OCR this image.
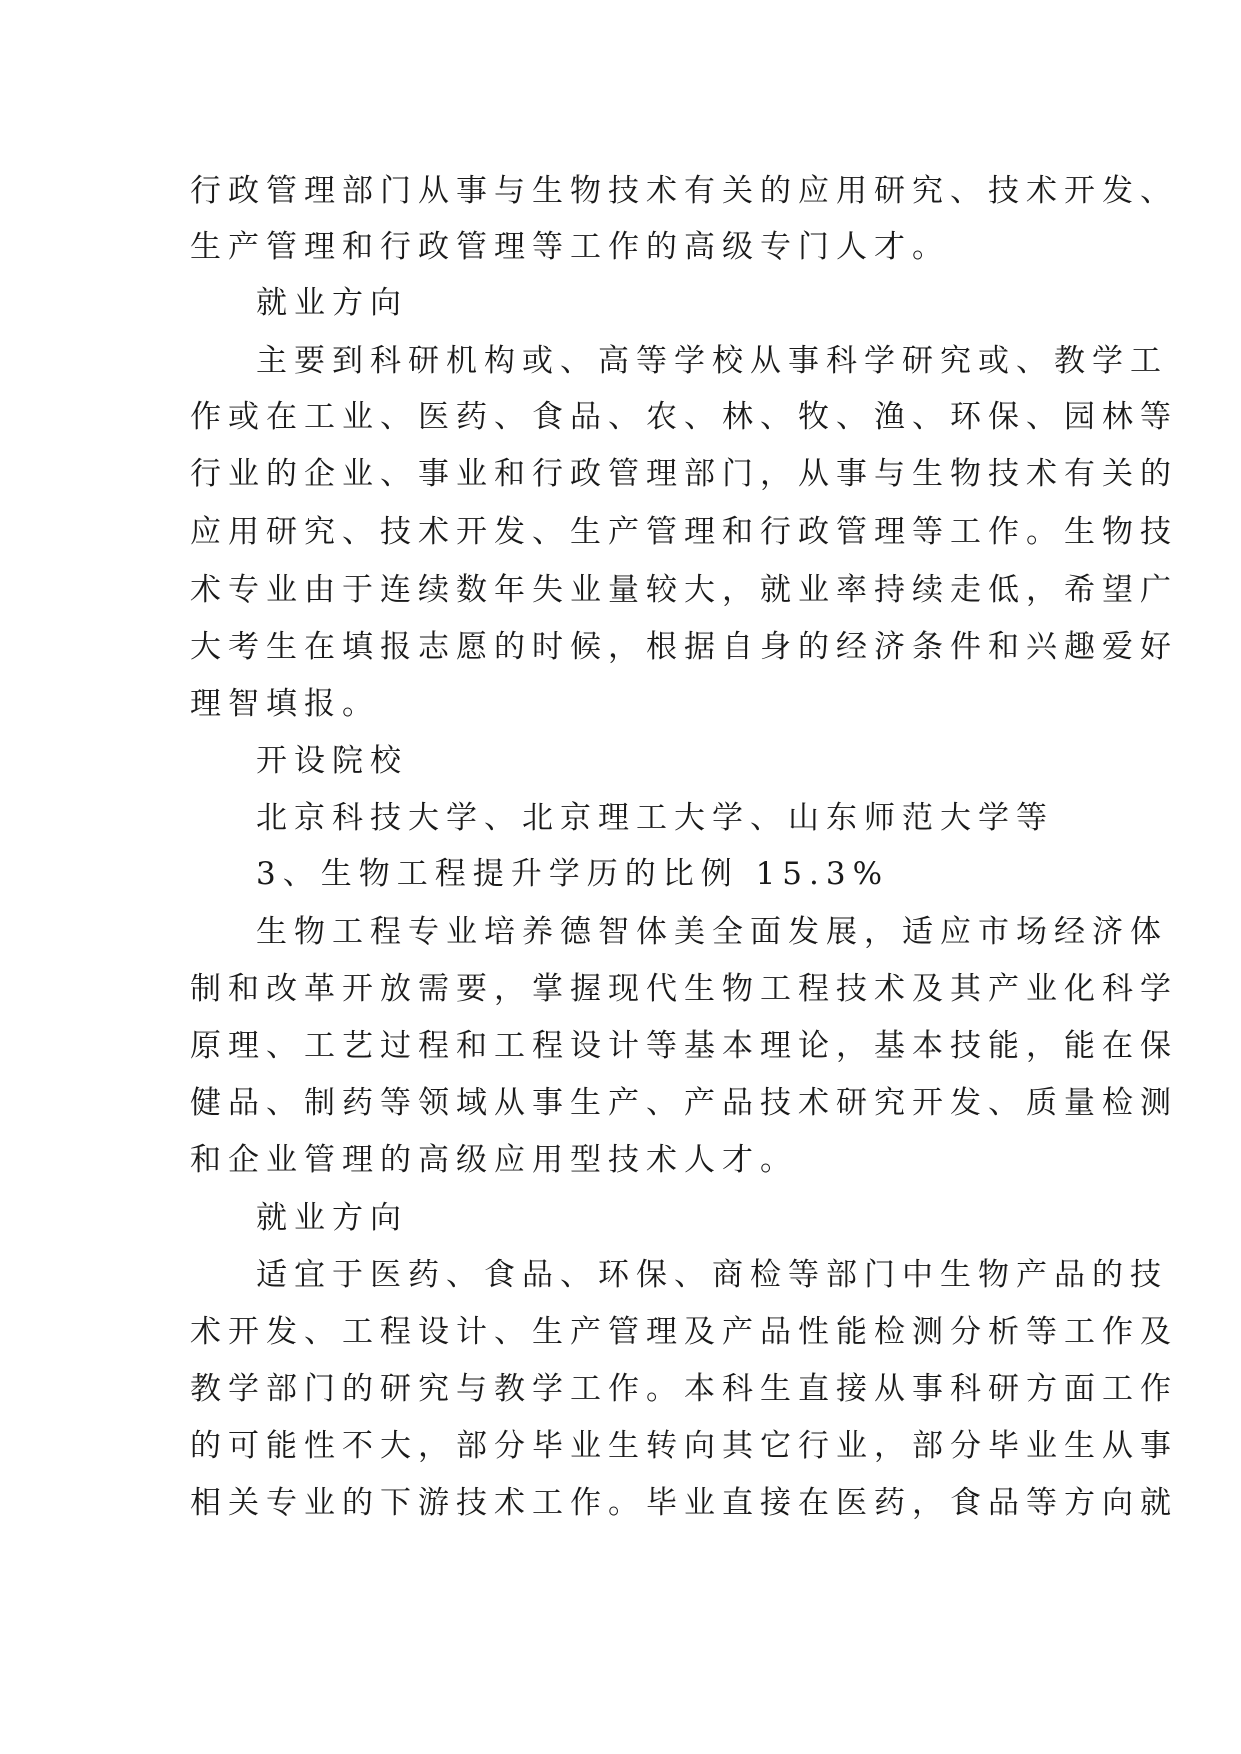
行政管理部门从事与生物技术有关的应用研究、技术开发、
生产管理和行政管理等工作的高级专门人才。
就业方向
主要到科研机构或、高等学校从事科学研究或、教学工
作或在工业、医药、食品、农、林、牧、渔、环保、园林等
行业的企业、事业和行政管理部门，从事与生物技术有关的
应用研究、技术开发、生产管理和行政管理等工作。生物技
术专业由于连续数年失业量较大，就业率持续走低，希望广
大考生在填报志愿的时候，根据自身的经济条件和兴趣爱好
理智填报。
开设院校
北京科技大学、北京理工大学、山东师范大学等
3、生物工程提升学历的比例 15.3%
生物工程专业培养德智体美全面发展，适应市场经济体
制和改革开放需要，掌握现代生物工程技术及其产业化科学
原理、工艺过程和工程设计等基本理论，基本技能，能在保
健品、制药等领域从事生产、产品技术研究开发、质量检测
和企业管理的高级应用型技术人才。
就业方向
适宜于医药、食品、环保、商检等部门中生物产品的技
术开发、工程设计、生产管理及产品性能检测分析等工作及
教学部门的研究与教学工作。本科生直接从事科研方面工作
的可能性不大，部分毕业生转向其它行业，部分毕业生从事
相关专业的下游技术工作。毕业直接在医药，食品等方向就
